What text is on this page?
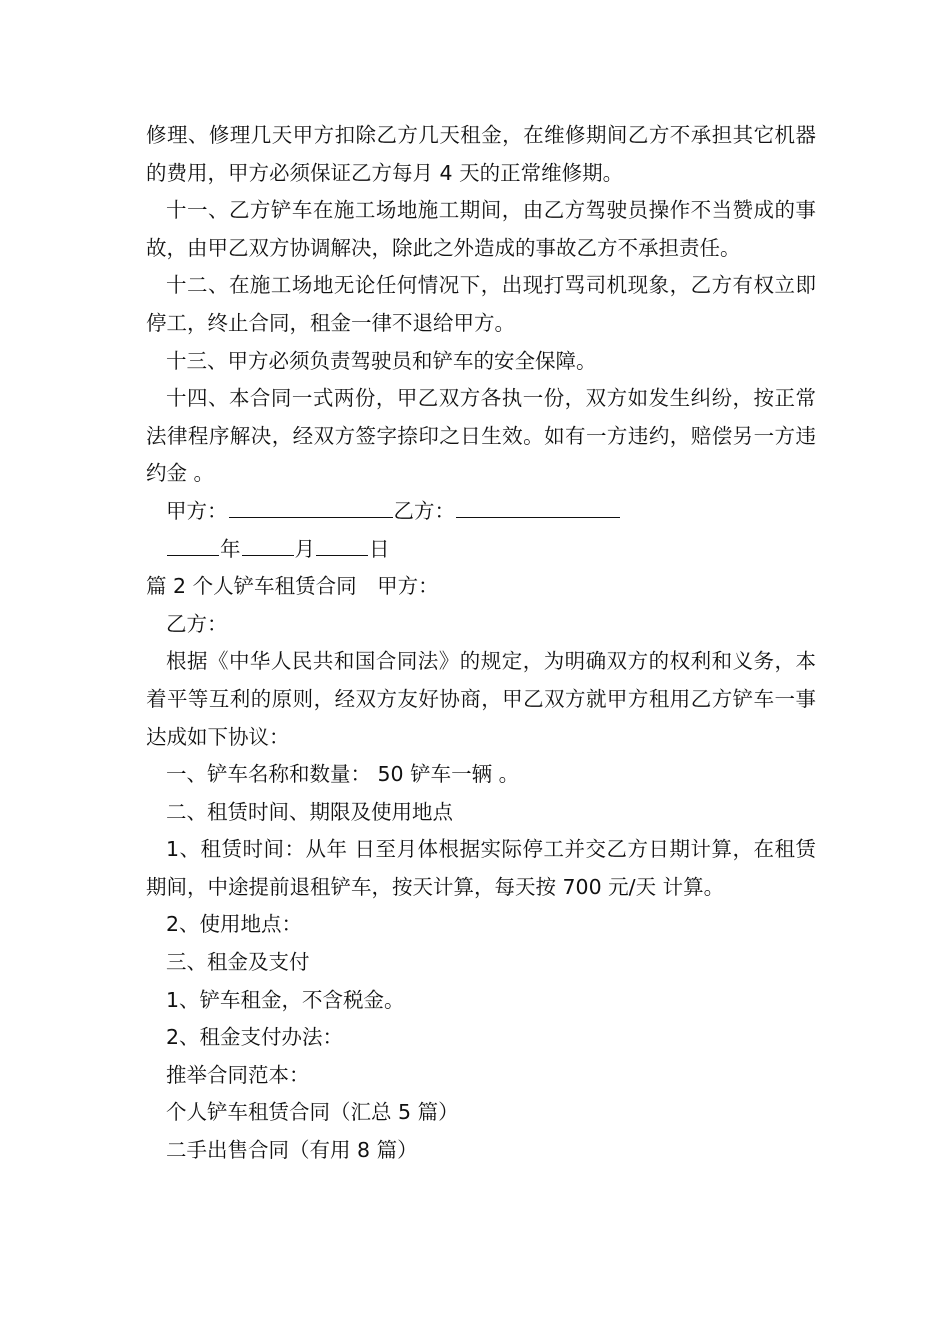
修理、修理几天甲方扣除乙方几天租金，在维修期间乙方不承担其它机器的费用，甲方必须保证乙方每月 4 天的正常维修期。

十一、乙方铲车在施工场地施工期间，由乙方驾驶员操作不当赞成的事故，由甲乙双方协调解决，除此之外造成的事故乙方不承担责任。

十二、在施工场地无论任何情况下，出现打骂司机现象，乙方有权立即停工，终止合同，租金一律不退给甲方。

十三、甲方必须负责驾驶员和铲车的安全保障。

十四、本合同一式两份，甲乙双方各执一份，双方如发生纠纷，按正常法律程序解决，经双方签字捺印之日生效。如有一方违约，赔偿另一方违约金 。

甲方：	乙方：
年	月	日

篇 2 个人铲车租赁合同　甲方：

乙方：

根据《中华人民共和国合同法》的规定，为明确双方的权利和义务，本着平等互利的原则，经双方友好协商，甲乙双方就甲方租用乙方铲车一事达成如下协议：

一、铲车名称和数量： 50 铲车一辆 。

二、租赁时间、期限及使用地点

1、租赁时间：从年 日至月体根据实际停工并交乙方日期计算，在租赁期间，中途提前退租铲车，按天计算，每天按 700 元/天 计算。

2、使用地点：

三、租金及支付

1、铲车租金，不含税金。

2、租金支付办法：

推举合同范本：

个人铲车租赁合同（汇总 5 篇）

二手出售合同（有用 8 篇）
